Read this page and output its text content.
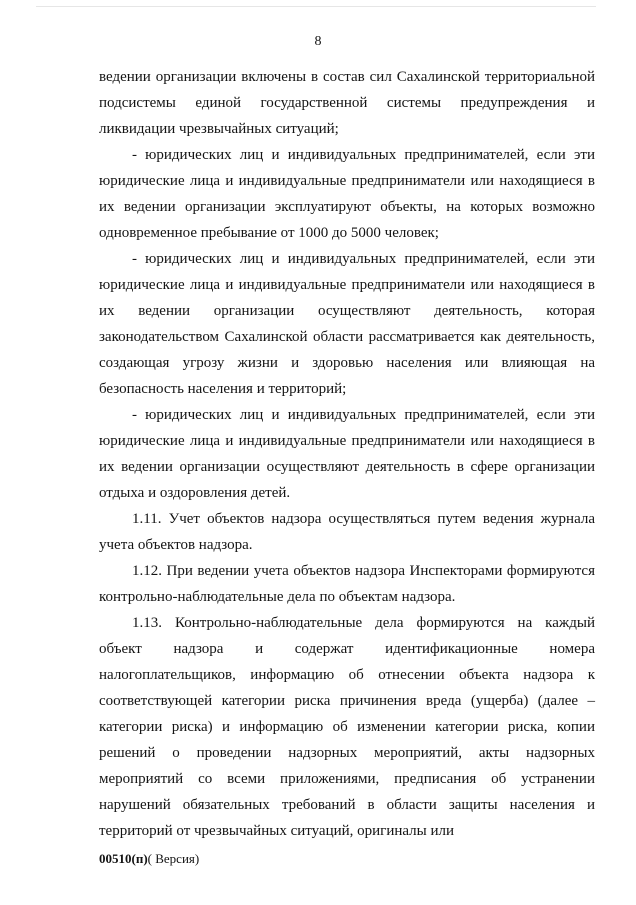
8

ведении организации включены в состав сил Сахалинской территориальной подсистемы единой государственной системы предупреждения и ликвидации чрезвычайных ситуаций;

- юридических лиц и индивидуальных предпринимателей, если эти юридические лица и индивидуальные предприниматели или находящиеся в их ведении организации эксплуатируют объекты, на которых возможно одновременное пребывание от 1000 до 5000 человек;

- юридических лиц и индивидуальных предпринимателей, если эти юридические лица и индивидуальные предприниматели или находящиеся в их ведении организации осуществляют деятельность, которая законодательством Сахалинской области рассматривается как деятельность, создающая угрозу жизни и здоровью населения или влияющая на безопасность населения и территорий;

- юридических лиц и индивидуальных предпринимателей, если эти юридические лица и индивидуальные предприниматели или находящиеся в их ведении организации осуществляют деятельность в сфере организации отдыха и оздоровления детей.

1.11. Учет объектов надзора осуществляться путем ведения журнала учета объектов надзора.

1.12. При ведении учета объектов надзора Инспекторами формируются контрольно-наблюдательные дела по объектам надзора.

1.13. Контрольно-наблюдательные дела формируются на каждый объект надзора и содержат идентификационные номера налогоплательщиков, информацию об отнесении объекта надзора к соответствующей категории риска причинения вреда (ущерба) (далее – категории риска) и информацию об изменении категории риска, копии решений о проведении надзорных мероприятий, акты надзорных мероприятий со всеми приложениями, предписания об устранении нарушений обязательных требований в области защиты населения и территорий от чрезвычайных ситуаций, оригиналы или

00510(п)( Версия)
